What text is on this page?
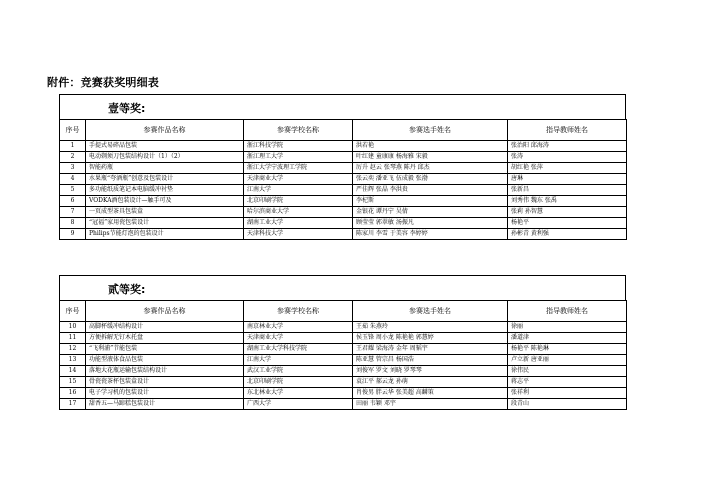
附件：竞赛获奖明细表
壹等奖:
序号	参赛作品名称	参赛学校名称	参赛选手姓名	指导教师姓名
1	手提式易碎品包装	浙江科技学院	洪若艳	张治阳 邱海涛
2	电动剃须刀包装结构设计（1）（2）	浙江理工大学	叶红建 童康康 杨海雅 宋毅	张涛
3	智能药瓶	浙江大学宁波理工学院	厉升 赵云 张琴燕 陈丹 邱杰	胡红艳 张萍
4	水果瓶“夸酒瓶”创意及包装设计	天津商业大学	张云奕 潘亚飞 伍成毅 张渤	唐琳
5	多功能纸质笔记本电脑缓冲衬垫	江南大学	严佳辉 张晶 李洪贵	张新昌
6	VODKA酒包装设计—触手可及	北京印刷学院	李杞斯	刘秀伟 魏东 张禹
7	一页成型茶具包装盒	哈尔滨商业大学	金银花 谭丹宁 吴倩	张莉 孙智慧
8	“冠福”家用瓷包装设计	湖南工业大学	顾莹莹 郭翠敏 汤振凡	杨艳平
9	Philips节能灯泡的包装设计	天津科技大学	陈家川 李雪 于美容 李婷婷	孙彬青 黄利强
贰等奖:
序号	参赛作品名称	参赛学校名称	参赛选手姓名	指导教师姓名
10	高脚杯缓冲结构设计	南京林业大学	王茹 朱燕玲	徐丽
11	方便拆解无钉木托盘	天津商业大学	侯玉锋 周小龙 陈艳艳 郭慧婷	潘道津
12	“飞利浦”节能包装	湖南工业大学科技学院	王君耀 梁海涛 金年 周韬宇	杨艳平 陈艳琳
13	功能型液体食品包装	江南大学	陈亚慧 管宗昌 杨国浩	卢立新 唐亚丽
14	落地大花瓶运输包装结构设计	武汉工业学院	刘俊军 罗文 刘晓 罗琴琴	徐伟民
15	骨瓷瓷茶杯包装盒设计	北京印刷学院	袁江平 郝云龙 孙萌	蒋志平
16	电子学习机的包装设计	东北林业大学	肖俊男 胖云华 张美超 高麟策	张祥利
17	甜香五—马蹄糕包装设计	广西大学	田丽 韦颖 邓宇	段青山
